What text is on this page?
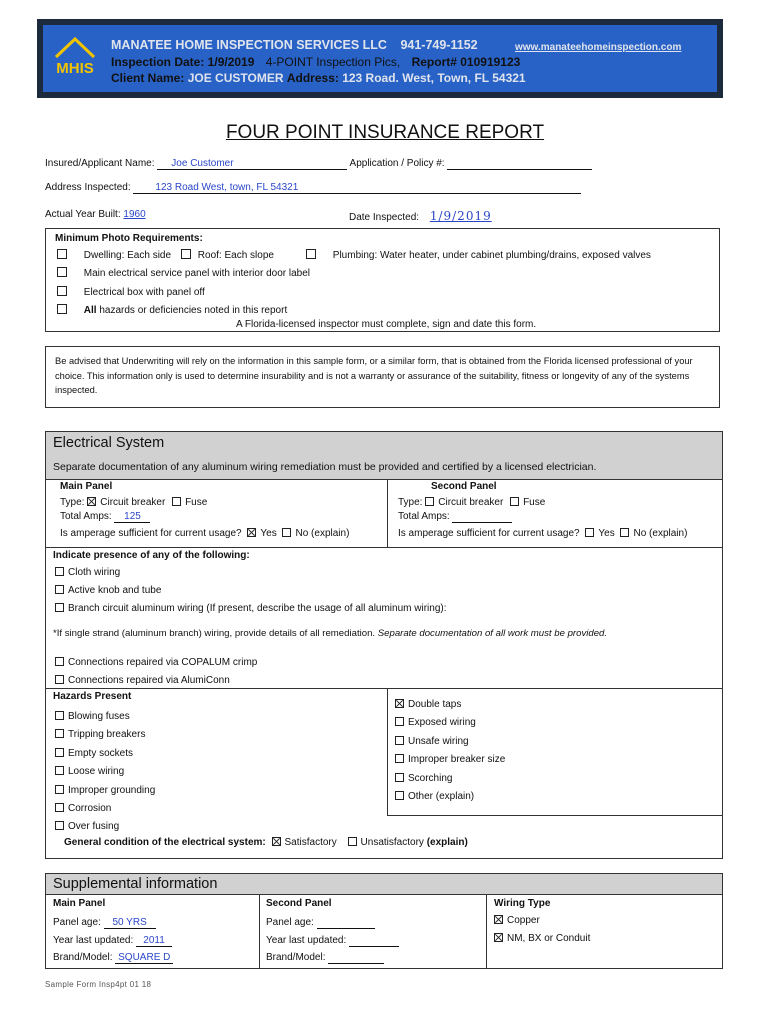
MHIS
MANATEE HOME INSPECTION SERVICES LLC 941-749-1152	www.manateehomeinspection.com
Inspection Date: 1/9/2019 4-POINT Inspection Pics, Report# 010919123
Client Name: JOE CUSTOMER Address: 123 Road. West, Town, FL 54321
FOUR POINT INSURANCE REPORT
Insured/Applicant Name: Joe Customer	Application / Policy #:
Address Inspected: 123 Road West, town, FL 54321
Actual Year Built: 1960	Date Inspected: 1/9/2019
Minimum Photo Requirements:
Dwelling: Each side	Roof: Each slope	Plumbing: Water heater, under cabinet plumbing/drains, exposed valves
Main electrical service panel with interior door label
Electrical box with panel off
All hazards or deficiencies noted in this report
A Florida-licensed inspector must complete, sign and date this form.
Be advised that Underwriting will rely on the information in this sample form, or a similar form, that is obtained from the Florida licensed professional of your choice. This information only is used to determine insurability and is not a warranty or assurance of the suitability, fitness or longevity of any of the systems inspected.
Electrical System
Separate documentation of any aluminum wiring remediation must be provided and certified by a licensed electrician.
Main Panel
Type: Circuit breaker Fuse
Total Amps: 125
Is amperage sufficient for current usage? Yes No (explain)
Second Panel
Type: Circuit breaker Fuse
Total Amps:
Is amperage sufficient for current usage? Yes No (explain)
Indicate presence of any of the following:
Cloth wiring
Active knob and tube
Branch circuit aluminum wiring (If present, describe the usage of all aluminum wiring):
*If single strand (aluminum branch) wiring, provide details of all remediation. Separate documentation of all work must be provided.
Connections repaired via COPALUM crimp
Connections repaired via AlumiConn
Hazards Present
Blowing fuses
Tripping breakers
Empty sockets
Loose wiring
Improper grounding
Corrosion
Over fusing
Double taps
Exposed wiring
Unsafe wiring
Improper breaker size
Scorching
Other (explain)
General condition of the electrical system: Satisfactory Unsatisfactory (explain)
Supplemental information
Main Panel	Second Panel	Wiring Type
Panel age: 50 YRS
Year last updated: 2011
Brand/Model: SQUARE D
Panel age:
Year last updated:
Brand/Model:
Copper
NM, BX or Conduit
Sample Form Insp4pt 01 18
